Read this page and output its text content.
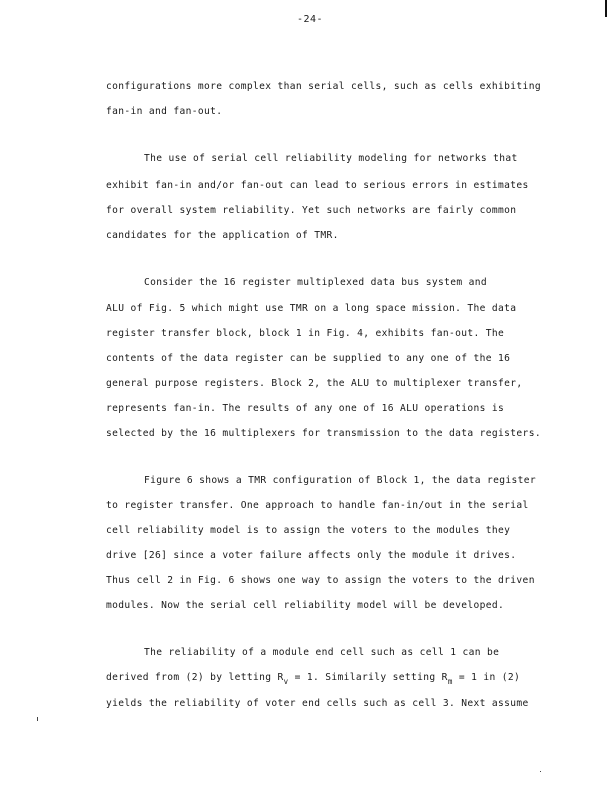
-24-
configurations more complex than serial cells, such as cells exhibiting
fan-in and fan-out.
The use of serial cell reliability modeling for networks that
exhibit fan-in and/or fan-out can lead to serious errors in estimates
for overall system reliability. Yet such networks are fairly common
candidates for the application of TMR.
Consider the 16 register multiplexed data bus system and
ALU of Fig. 5 which might use TMR on a long space mission. The data
register transfer block, block 1 in Fig. 4, exhibits fan-out. The
contents of the data register can be supplied to any one of the 16
general purpose registers. Block 2, the ALU to multiplexer transfer,
represents fan-in. The results of any one of 16 ALU operations is
selected by the 16 multiplexers for transmission to the data registers.
Figure 6 shows a TMR configuration of Block 1, the data register
to register transfer. One approach to handle fan-in/out in the serial
cell reliability model is to assign the voters to the modules they
drive [26] since a voter failure affects only the module it drives.
Thus cell 2 in Fig. 6 shows one way to assign the voters to the driven
modules. Now the serial cell reliability model will be developed.
The reliability of a module end cell such as cell 1 can be
derived from (2) by letting $R_v = 1$. Similarily setting $R_m = 1$ in (2)
yields the reliability of voter end cells such as cell 3. Next assume
